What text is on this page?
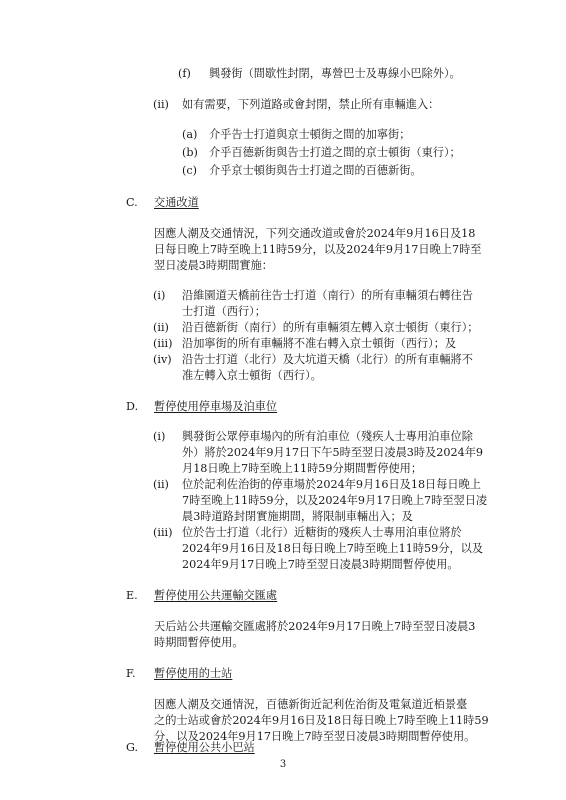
(f) 興發街（間歇性封閉，專營巴士及專線小巴除外）。
(ii) 如有需要，下列道路或會封閉，禁止所有車輛進入：
(a) 介乎告士打道與京士頓街之間的加寧街；
(b) 介乎百德新街與告士打道之間的京士頓街（東行）；
(c) 介乎京士頓街與告士打道之間的百德新街。
C. 交通改道
因應人潮及交通情況，下列交通改道或會於2024年9月16日及18
日每日晚上7時至晚上11時59分，以及2024年9月17日晚上7時至
翌日凌晨3時期間實施：
(i) 沿維園道天橋前往告士打道（南行）的所有車輛須右轉往告
士打道（西行）；
(ii) 沿百德新街（南行）的所有車輛須左轉入京士頓街（東行）；
(iii) 沿加寧街的所有車輛將不准右轉入京士頓街（西行）；及
(iv) 沿告士打道（北行）及大坑道天橋（北行）的所有車輛將不
准左轉入京士頓街（西行）。
D. 暫停使用停車場及泊車位
(i) 興發街公眾停車場內的所有泊車位（殘疾人士專用泊車位除
外）將於2024年9月17日下午5時至翌日凌晨3時及2024年9
月18日晚上7時至晚上11時59分期間暫停使用；
(ii) 位於記利佐治街的停車場於2024年9月16日及18日每日晚上
7時至晚上11時59分，以及2024年9月17日晚上7時至翌日凌
晨3時道路封閉實施期間，將限制車輛出入；及
(iii) 位於告士打道（北行）近糖街的殘疾人士專用泊車位將於
2024年9月16日及18日每日晚上7時至晚上11時59分，以及
2024年9月17日晚上7時至翌日凌晨3時期間暫停使用。
E. 暫停使用公共運輸交匯處
天后站公共運輸交匯處將於2024年9月17日晚上7時至翌日凌晨3
時期間暫停使用。
F. 暫停使用的士站
因應人潮及交通情況，百德新街近記利佐治街及電氣道近栢景臺
之的士站或會於2024年9月16日及18日每日晚上7時至晚上11時59
分，以及2024年9月17日晚上7時至翌日凌晨3時期間暫停使用。
G. 暫停使用公共小巴站
3
